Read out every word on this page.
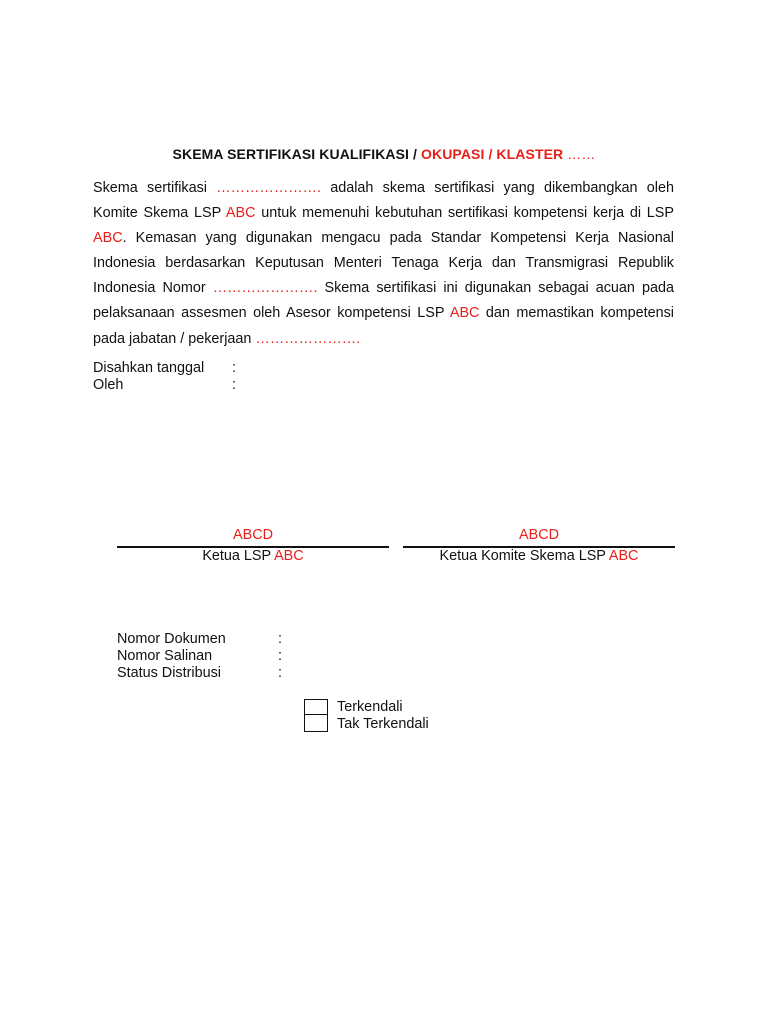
SKEMA SERTIFIKASI KUALIFIKASI / OKUPASI / KLASTER ……

Skema sertifikasi …………………. adalah skema sertifikasi yang dikembangkan oleh Komite Skema LSP ABC untuk memenuhi kebutuhan sertifikasi kompetensi kerja di LSP ABC. Kemasan yang digunakan mengacu pada Standar Kompetensi Kerja Nasional Indonesia berdasarkan Keputusan Menteri Tenaga Kerja dan Transmigrasi Republik Indonesia Nomor …………………. Skema sertifikasi ini digunakan sebagai acuan pada pelaksanaan assesmen oleh Asesor kompetensi LSP ABC dan memastikan kompetensi pada jabatan / pekerjaan ………………….

Disahkan tanggal	:
Oleh	:
ABCD
Ketua LSP ABC
ABCD
Ketua Komite Skema LSP ABC
Nomor Dokumen	:
Nomor Salinan	:
Status Distribusi	:
Terkendali
Tak Terkendali
